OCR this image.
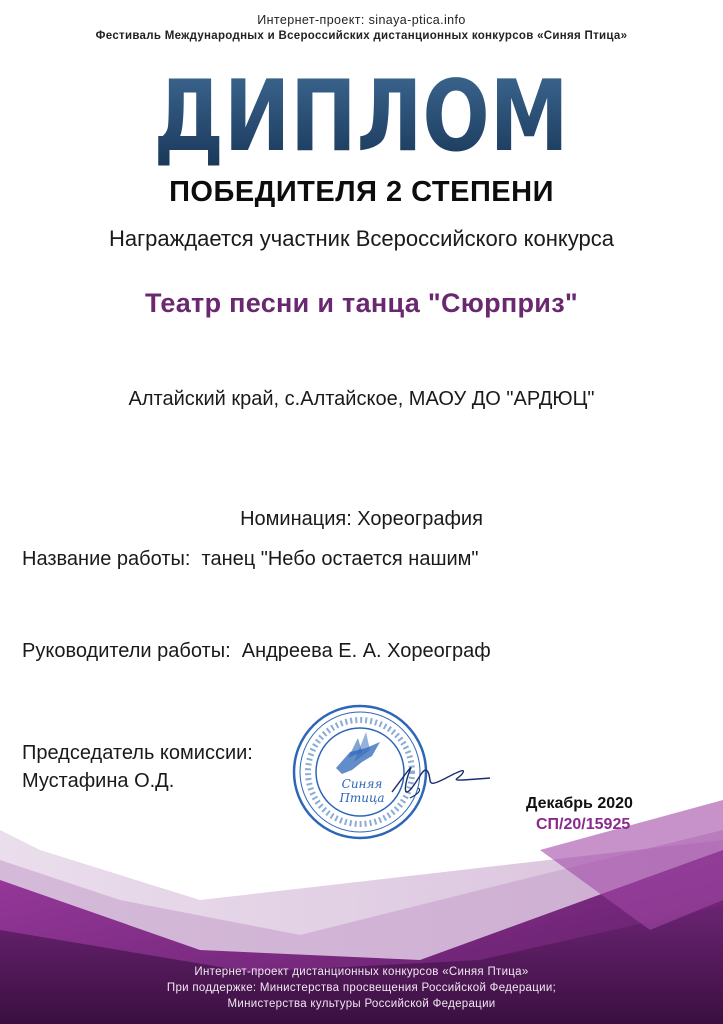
Интернет-проект: sinaya-ptica.info
Фестиваль Международных и Всероссийских дистанционных конкурсов «Синяя Птица»
ДИПЛОМ
ПОБЕДИТЕЛЯ 2 СТЕПЕНИ
Награждается участник Всероссийского конкурса
Театр песни и танца "Сюрприз"
Алтайский край, с.Алтайское, МАОУ ДО "АРДЮЦ"
Номинация: Хореография
Название работы:  танец "Небо остается нашим"
Руководители работы:  Андреева Е. А. Хореограф
Председатель комиссии:
Мустафина О.Д.	Синяя
Птица	Декабрь 2020
СП/20/15925
Интернет-проект дистанционных конкурсов «Синяя Птица»
При поддержке: Министерства просвещения Российской Федерации;
Министерства культуры Российской Федерации
